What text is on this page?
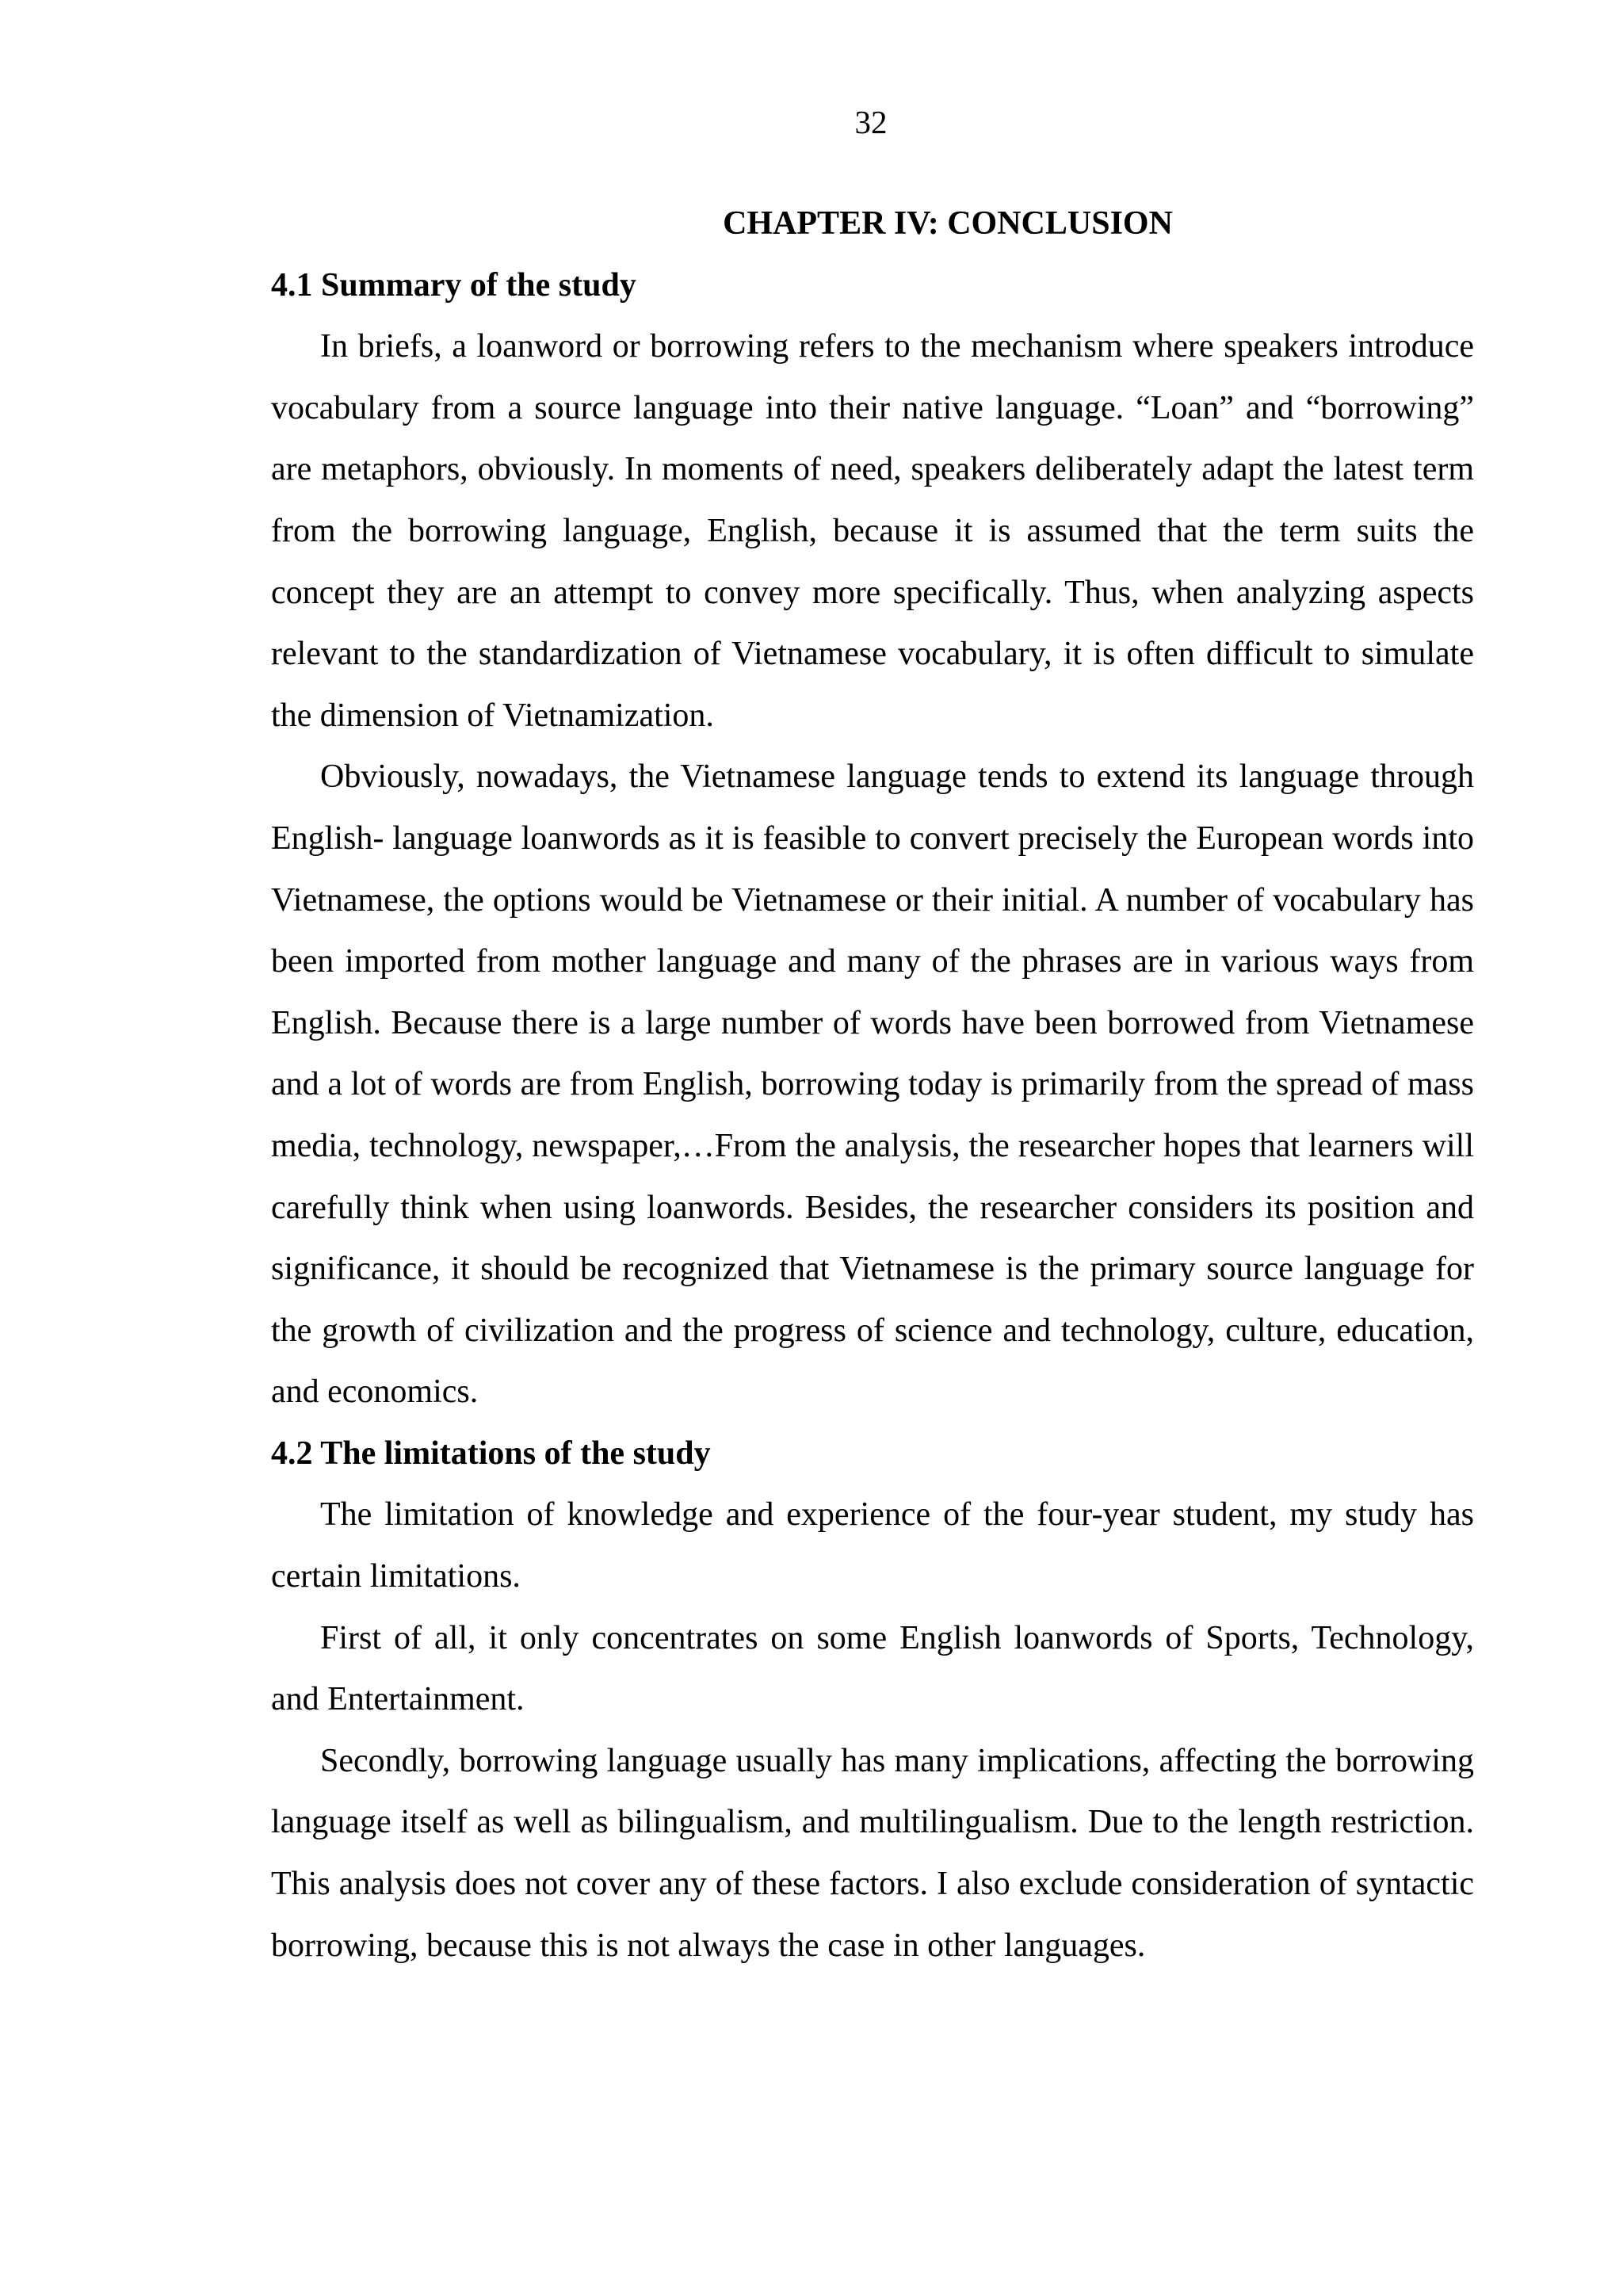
32
CHAPTER IV: CONCLUSION
4.1 Summary of the study

In briefs, a loanword or borrowing refers to the mechanism where speakers introduce vocabulary from a source language into their native language. “Loan” and “borrowing” are metaphors, obviously. In moments of need, speakers deliberately adapt the latest term from the borrowing language, English, because it is assumed that the term suits the concept they are an attempt to convey more specifically. Thus, when analyzing aspects relevant to the standardization of Vietnamese vocabulary, it is often difficult to simulate the dimension of Vietnamization.

Obviously, nowadays, the Vietnamese language tends to extend its language through English- language loanwords as it is feasible to convert precisely the European words into Vietnamese, the options would be Vietnamese or their initial. A number of vocabulary has been imported from mother language and many of the phrases are in various ways from English. Because there is a large number of words have been borrowed from Vietnamese and a lot of words are from English, borrowing today is primarily from the spread of mass media, technology, newspaper,…From the analysis, the researcher hopes that learners will carefully think when using loanwords. Besides, the researcher considers its position and significance, it should be recognized that Vietnamese is the primary source language for the growth of civilization and the progress of science and technology, culture, education, and economics.

4.2 The limitations of the study

The limitation of knowledge and experience of the four-year student, my study has certain limitations.

First of all, it only concentrates on some English loanwords of Sports, Technology, and Entertainment.

Secondly, borrowing language usually has many implications, affecting the borrowing language itself as well as bilingualism, and multilingualism. Due to the length restriction. This analysis does not cover any of these factors. I also exclude consideration of syntactic borrowing, because this is not always the case in other languages.
